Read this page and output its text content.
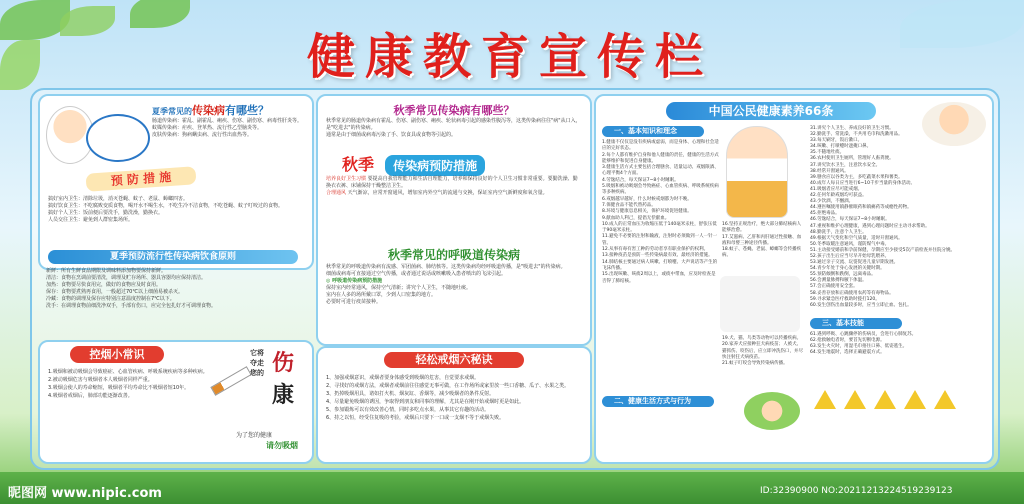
健康教育宣传栏
夏季常见的传染病有哪些？
肠道传染病：霍乱、副霍乱、痢疾、伤寒、副伤寒、病毒性肝炎等。
蚊媒传染病：疟疾、登革热、流行性乙型脑炎等。
皮肤传染病：狗病螨虫病、流行性出血热等。
预 防 措 施
搞好室内卫生：清除垃圾，消灭苍蝇、蚊子、老鼠、蟑螂四害。
搞好饮食卫生：不吃腐败变质食物，喝开水不喝生水，不吃生冷不洁食物，不吃苍蝇、蚊子叮咬过的食物。
搞好个人卫生：饭前便后要洗手，勤洗澡，勤换衣。
人员交往卫生：避免到人群密集场所。
夏季预防流行性传染病饮食原则
新鲜：所有生鲜食品期限及调味料添加物要保持新鲜。
清洁：食物在烹调前要清洗，调理及贮存场所、器具容器均应保持清洁。
加热：食物要尽快食用完，做好的食物应及时食用。
保存：食物要煮熟再食用，一般超过70℃以上细菌易被杀灭。
冷藏：食物的调理及保存应特别注意温度控制在7℃以下。
洗手：在调理食物前细洗净双手，手部有伤口，应完全包扎好才可调理食物。
控烟小常识
1.吸烟和被动吸烟会导致癌症、心血管疾病、呼吸系统疾病等多种疾病。
2.被动吸烟危害与吸烟者本人吸烟者同样严重。
3.吸烟会使人的寿命缩短，吸烟者平均寿命比不吸烟者短10年。
4.吸烟者戒烟后，肺部功能逐渐改善。
它将
夺走
您的 伤
康
为了您的健康
请勿吸烟
秋季常见传染病有哪些？
秋季常见的肠道传染病有霍乱、伤寒、副伤寒、痢疾、轮状病毒引起的感染性腹泻等，这类传染病往往"病"从口入，是"吃进去"的传染病。
通常是由于细菌或病毒污染了手、饮食具或食物等引起的。
秋季 传染病预防措施
培养良好卫生习惯 要提高自我管理能力和生活自理能力，培养和保持良好的个人卫生习惯非常重要。要勤洗澡、勤换衣衣裤、床铺保持干燥整洁卫生。
合理通风 天气渐凉，应常开窗通风，增加室内外空气的流通与交换，保证室内空气新鲜度和氧含量。
秋季常见的呼吸道传染病
秋季常见的呼吸道传染病有流感、军团菌病、肺结核等。这类传染病均经呼吸道传播，是"吸进去"的传染病。
细菌或病毒可直接通过空气传播，或者通过说话或咳嗽吸入患者喷出的飞沫引起。
◎ 呼吸道传染病预防措施
保持室内经常通风，保持空气清新；讲究个人卫生，不随地吐痰。
室内在人多的场所戴口罩，少到人口密集的地方。
必要时可进行疫苗接种。
轻松戒烟六秘诀
1、加强戒烟意识，戒烟者要身体感受到吸烟的危害，自觉要求戒烟。
2、寻找好的戒烟方法，戒烟者戒烟前往往感觉无事可做，在工作场所或家里放一些口香糖、瓜子、水果之类。
3、扔掉吸烟用具，诸如打火机、烟灰缸、香烟等，减少吸烟者的条件反射。
4、尽量避免吸烟的诱因，争取得到朋友和同事的理解，尤其是在刚开始戒烟时更是如此。
5、参加锻炼可以有效改善心情，同时多吃点水果，从事其它有趣的活动。
6、持之以恒，经受住复吸的考验，戒烟后只要下一口或一支烟不等于戒烟失败。
中国公民健康素养66条
一、基本知识和理念
1.健康不仅仅是没有疾病或虚弱，而是身体、心理和社会适应的完好状态。
2.每个人都有维护自身和他人健康的责任，健康的生活方式能够维护和促进自身健康。
3.健康生活方式主要包括合理膳食、适量运动、戒烟限酒、心理平衡4个方面。
4.劳逸结合，每天保证7~8小时睡眠。
5.吸烟和被动吸烟会导致癌症、心血管疾病、呼吸系统疾病等多种疾病。
6.戒烟越早越好，什么时候戒烟都为时不晚。
7.保健食品不能代替药品。
8.环境与健康息息相关，保护环境促进健康。
9.献血助人利己，提倡无偿献血。
10.成人的正常血压为收缩压低于140毫米汞柱，舒张压低于90毫米汞柱。
11.避免不必要的注射和输液，注射时必须做到一人一针一管。
12.从事有毒有害工种的劳动者享有职业保护的权利。
13.接种疫苗是预防一些传染病最有效、最经济的措施。
14.肺结核主要通过病人咳嗽、打喷嚏、大声说话等产生的飞沫传播。
15.出现咳嗽、咳痰2周以上，或痰中带血，应及时检查是否得了肺结核。
16.坚持正规治疗，绝大部分肺结核病人能够治愈。
17.艾滋病、乙肝和丙肝通过性接触、血液和母婴三种途径传播。
18.蚊子、苍蝇、老鼠、蟑螂等会传播疾病。
19.犬、猫、鸟类等动物可以传播疾病。
20.家养犬应接种狂犬病疫苗；人被犬、猫抓伤、咬伤后，应立即冲洗伤口，并尽快注射狂犬病疫苗。
21.蚊子叮咬会导致传染病传播。
二、健康生活方式与行为
31.讲究个人卫生、养成良好的卫生习惯。
32.勤洗手、常洗澡，不共用毛巾和洗漱用品。
33.每天刷牙，饭后漱口。
34.咳嗽、打喷嚏时遮掩口鼻。
35.不随地吐痰。
36.农村使用卫生厕所，管理好人畜粪便。
37.讲究饮水卫生，注意饮水安全。
38.经常开窗通风。
39.膳食应以谷类为主，多吃蔬菜水果和薯类。
40.成年人每日应当进行6~10千步当量的身体活动。
41.吸烟者应尽可能戒烟。
42.任何年龄戒烟均可获益。
43.少饮酒，不酗酒。
44.遵医嘱使用镇静催眠药和镇痛药等成瘾性药物。
45.拒绝毒品。
46.劳逸结合，每天保证7~8小时睡眠。
47.重视和维护心理健康，遇到心理问题时应主动寻求帮助。
48.勤洗手，注意个人卫生。
49.根据天气变化和空气质量，适时开窗通风。
50.冬季取暖注意通风，谨防煤气中毒。
51.主动接受婚前和孕前保健，孕期应至少接受5次产前检查并住院分娩。
52.孩子出生后应当尽早开始母乳喂养。
53.通过亲子交流、玩耍促进儿童早期发展。
54.青少年处于身心发展的关键时期。
55.预防倾倒和跌倒，远离毒品。
56.会测量脉搏和腋下体温。
57.会正确使用安全套。
58.妥善存放和正确使用农药等有毒物品。
59.寻求紧急医疗救助时拨打120。
60.发生创伤出血量较多时，应当立即止血、包扎。
三、基本技能
61.遇到呼吸、心跳骤停的伤病员，会进行心肺复苏。
62.抢救触电者时，要首先切断电源。
63.发生火灾时，用湿毛巾捂住口鼻、低姿逃生。
64.发生地震时，选择正确避震方式。
昵图网 www.nipic.com	ID:32390900 NO:20211213224519239123
